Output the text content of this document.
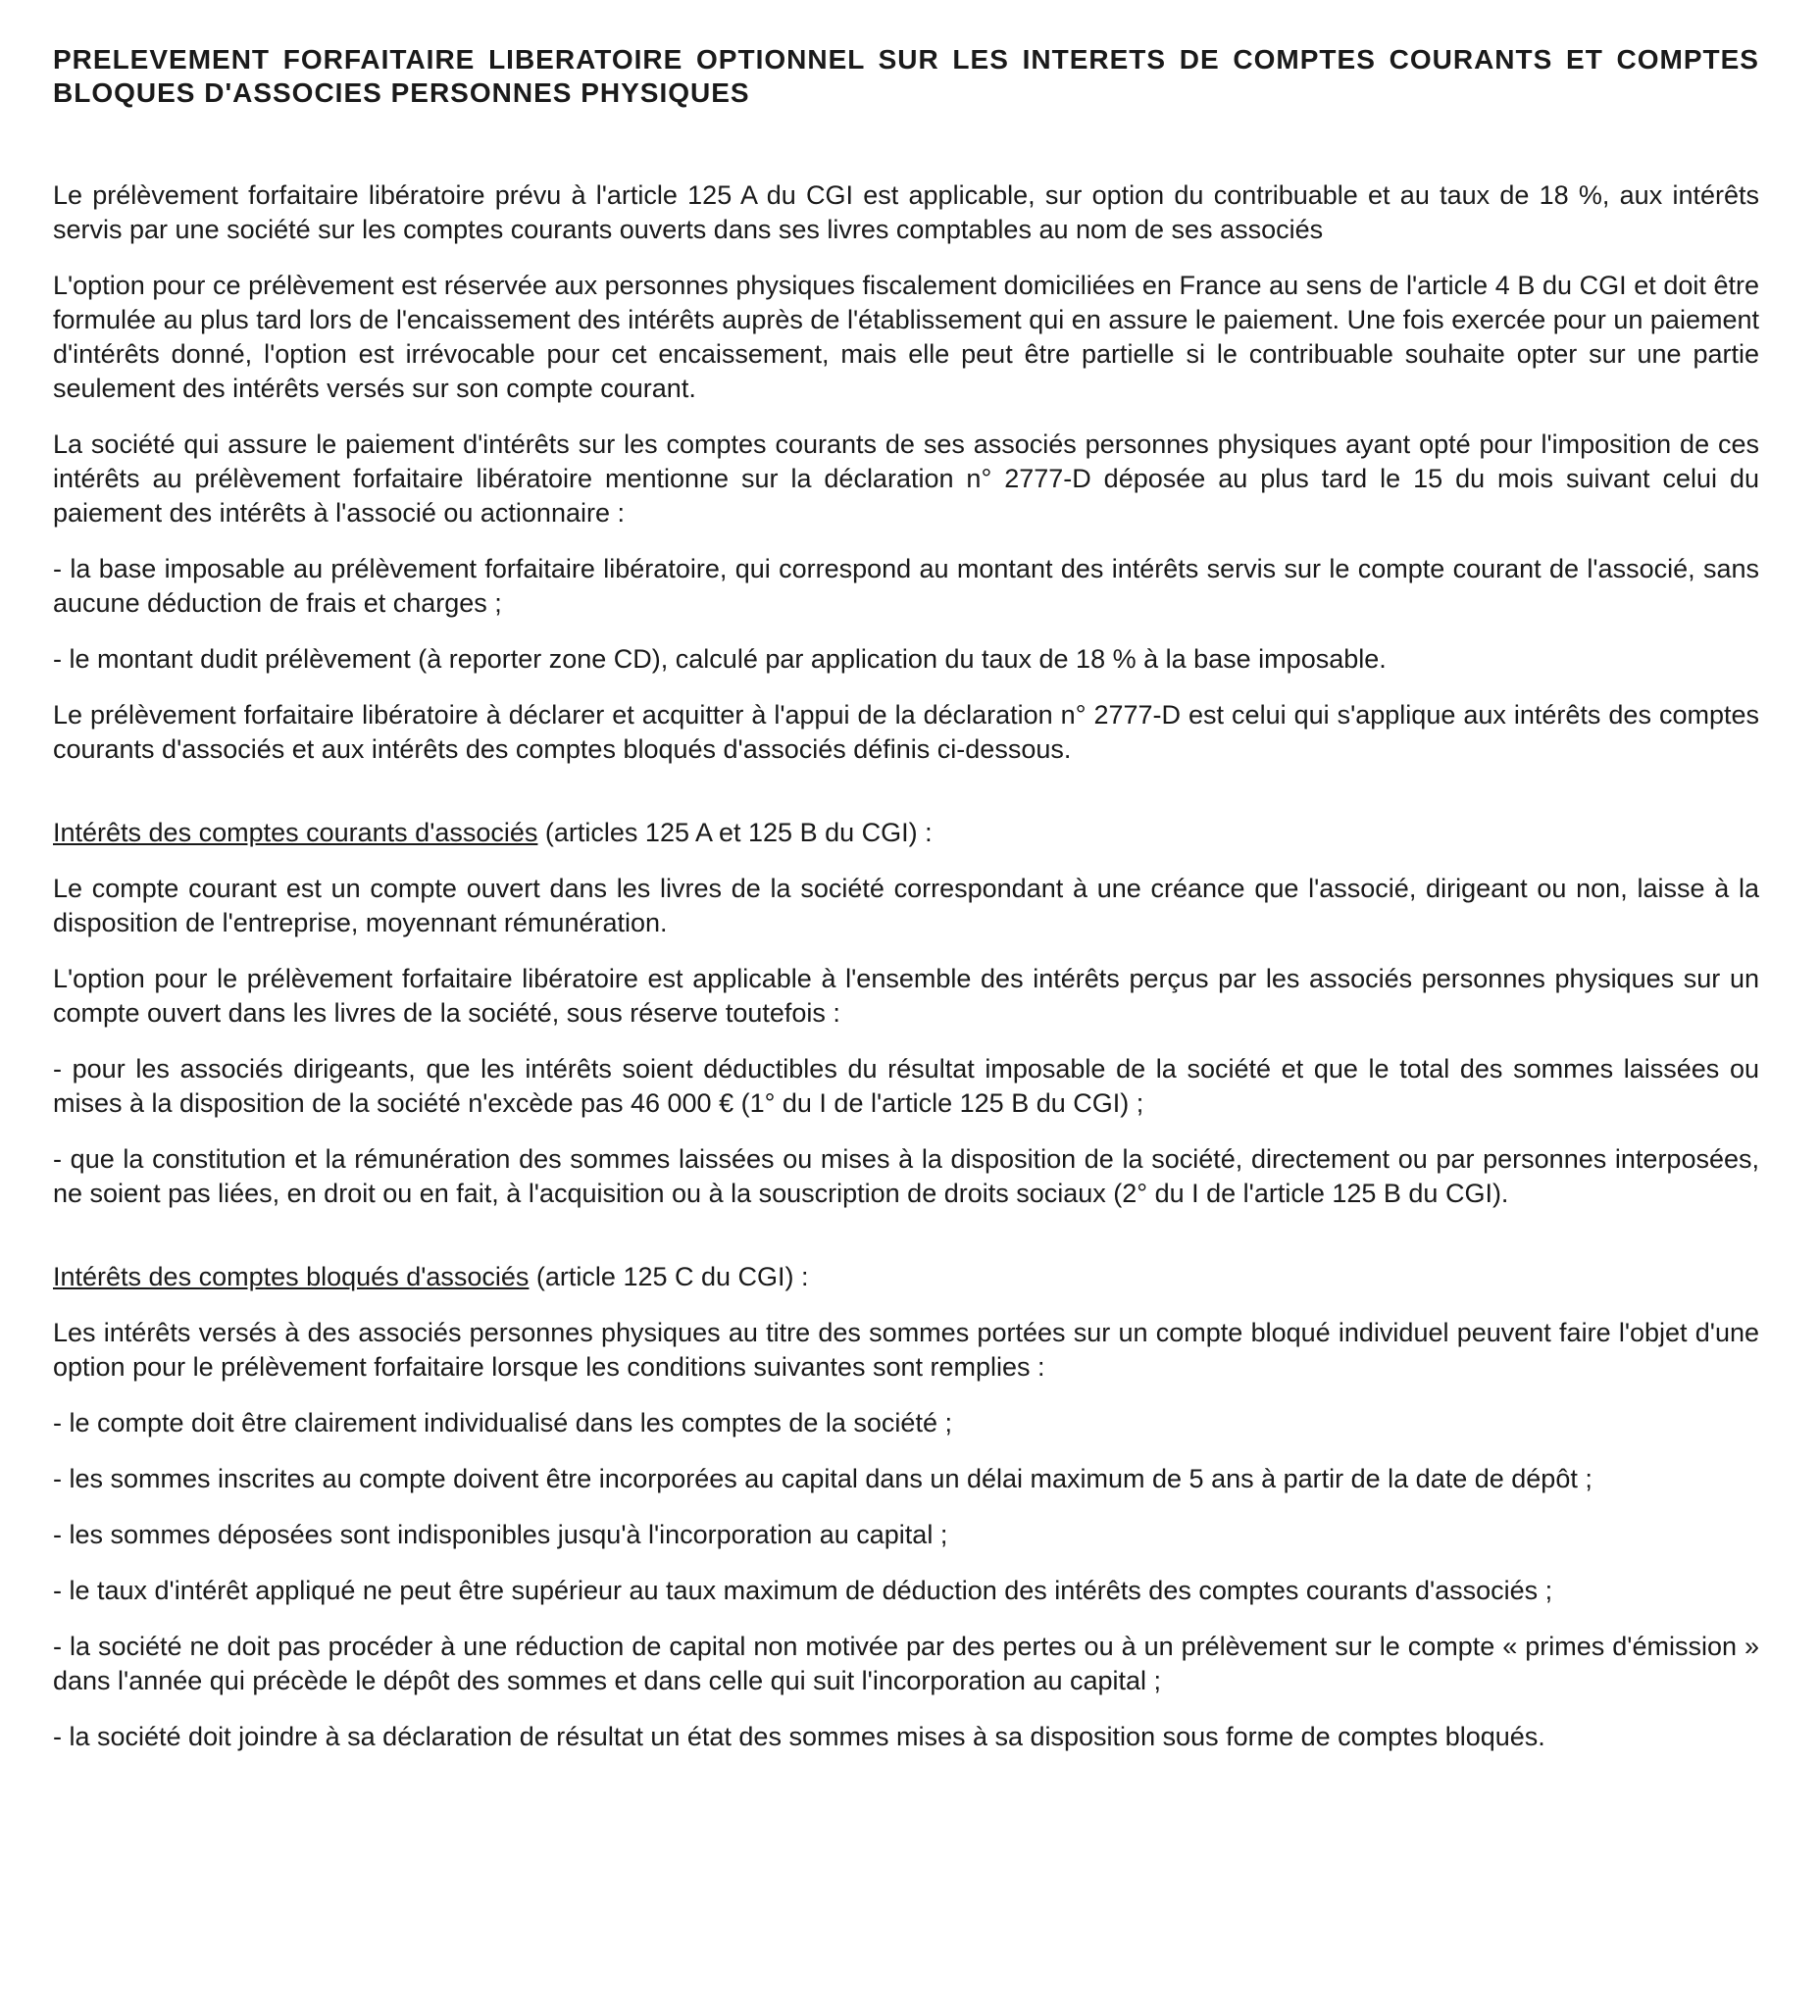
PRELEVEMENT FORFAITAIRE LIBERATOIRE OPTIONNEL SUR LES INTERETS DE COMPTES COURANTS ET COMPTES BLOQUES D'ASSOCIES PERSONNES PHYSIQUES

Le prélèvement forfaitaire libératoire prévu à l'article 125 A du CGI est applicable, sur option du contribuable et au taux de 18 %, aux intérêts servis par une société sur les comptes courants ouverts dans ses livres comptables au nom de ses associés

L'option pour ce prélèvement est réservée aux personnes physiques fiscalement domiciliées en France au sens de l'article 4 B du CGI et doit être formulée au plus tard lors de l'encaissement des intérêts auprès de l'établissement qui en assure le paiement. Une fois exercée pour un paiement d'intérêts donné, l'option est irrévocable pour cet encaissement, mais elle peut être partielle si le contribuable souhaite opter sur une partie seulement des intérêts versés sur son compte courant.

La société qui assure le paiement d'intérêts sur les comptes courants de ses associés personnes physiques ayant opté pour l'imposition de ces intérêts au prélèvement forfaitaire libératoire mentionne sur la déclaration n° 2777-D déposée au plus tard le 15 du mois suivant celui du paiement des intérêts à l'associé ou actionnaire :

- la base imposable au prélèvement forfaitaire libératoire, qui correspond au montant des intérêts servis sur le compte courant de l'associé, sans aucune déduction de frais et charges ;

- le montant dudit prélèvement (à reporter zone CD), calculé par application du taux de 18 % à la base imposable.

Le prélèvement forfaitaire libératoire à déclarer et acquitter à l'appui de la déclaration n° 2777-D est celui qui s'applique aux intérêts des comptes courants d'associés et aux intérêts des comptes bloqués d'associés définis ci-dessous.

Intérêts des comptes courants d'associés (articles 125 A et 125 B du CGI) :

Le compte courant est un compte ouvert dans les livres de la société correspondant à une créance que l'associé, dirigeant ou non, laisse à la disposition de l'entreprise, moyennant rémunération.

L'option pour le prélèvement forfaitaire libératoire est applicable à l'ensemble des intérêts perçus par les associés personnes physiques sur un compte ouvert dans les livres de la société, sous réserve toutefois :

- pour les associés dirigeants, que les intérêts soient déductibles du résultat imposable de la société et que le total des sommes laissées ou mises à la disposition de la société n'excède pas 46 000 € (1° du I de l'article 125 B du CGI) ;

- que la constitution et la rémunération des sommes laissées ou mises à la disposition de la société, directement ou par personnes interposées, ne soient pas liées, en droit ou en fait, à l'acquisition ou à la souscription de droits sociaux (2° du I de l'article 125 B du CGI).

Intérêts des comptes bloqués d'associés (article 125 C du CGI) :

Les intérêts versés à des associés personnes physiques au titre des sommes portées sur un compte bloqué individuel peuvent faire l'objet d'une option pour le prélèvement forfaitaire lorsque les conditions suivantes sont remplies :

- le compte doit être clairement individualisé dans les comptes de la société ;

- les sommes inscrites au compte doivent être incorporées au capital dans un délai maximum de 5 ans à partir de la date de dépôt ;

- les sommes déposées sont indisponibles jusqu'à l'incorporation au capital ;

- le taux d'intérêt appliqué ne peut être supérieur au taux maximum de déduction des intérêts des comptes courants d'associés ;

- la société ne doit pas procéder à une réduction de capital non motivée par des pertes ou à un prélèvement sur le compte « primes d'émission » dans l'année qui précède le dépôt des sommes et dans celle qui suit l'incorporation au capital ;

- la société doit joindre à sa déclaration de résultat un état des sommes mises à sa disposition sous forme de comptes bloqués.
